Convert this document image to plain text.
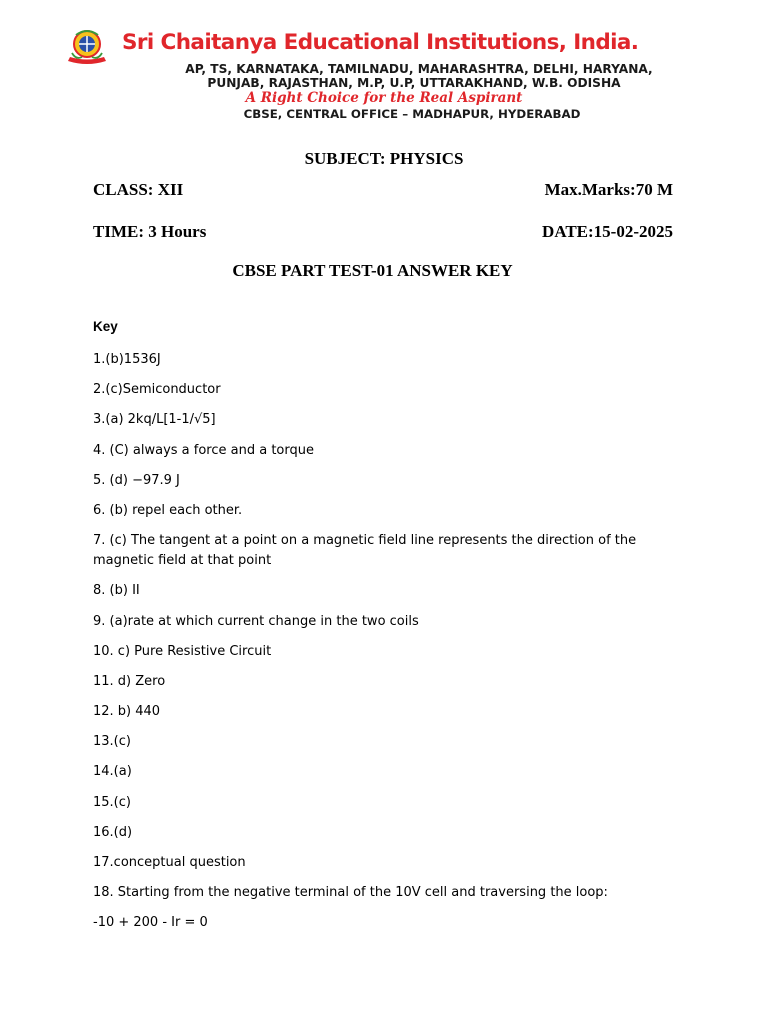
Sri Chaitanya Educational Institutions, India.
AP, TS, KARNATAKA, TAMILNADU, MAHARASHTRA, DELHI, HARYANA,
PUNJAB, RAJASTHAN, M.P, U.P, UTTARAKHAND, W.B. ODISHA
A Right Choice for the Real Aspirant
CBSE, CENTRAL OFFICE – MADHAPUR, HYDERABAD
SUBJECT: PHYSICS
CLASS: XII	Max.Marks:70 M
TIME: 3 Hours	DATE:15-02-2025
CBSE PART TEST-01 ANSWER KEY
Key
1.(b)1536J
2.(c)Semiconductor
3.(a) 2kq/L[1-1/√5]
4. (C) always a force and a torque
5. (d) −97.9 J
6. (b) repel each other.
7. (c) The tangent at a point on a magnetic field line represents the direction of the magnetic field at that point
8. (b) II
9. (a)rate at which current change in the two coils
10. c) Pure Resistive Circuit
11. d) Zero
12. b) 440
13.(c)
14.(a)
15.(c)
16.(d)
17.conceptual question
18. Starting from the negative terminal of the 10V cell and traversing the loop:
-10 + 200 - Ir = 0
